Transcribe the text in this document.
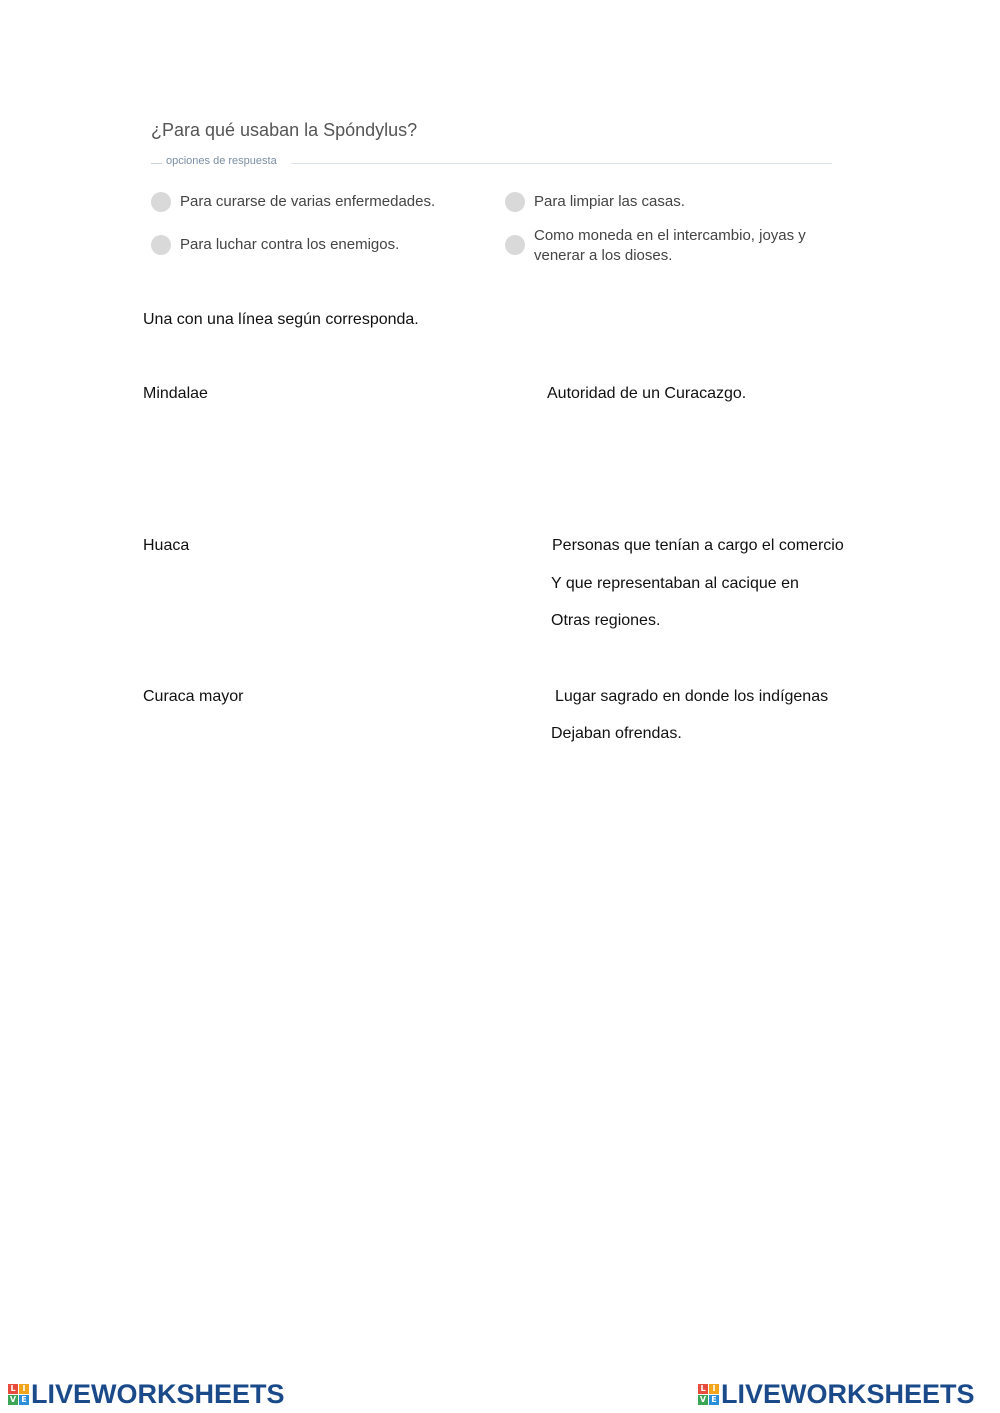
¿Para qué usaban la Spóndylus?
opciones de respuesta
Para curarse de varias enfermedades.	Para limpiar las casas.
Para luchar contra los enemigos.
Como moneda en el intercambio, joyas y venerar a los dioses.
Una con una línea según corresponda.
Mindalae
Huaca
Curaca mayor
Autoridad de un Curacazgo.
Personas que tenían a cargo el comercio
Y que representaban al cacique en
Otras regiones.
Lugar sagrado en donde los indígenas
Dejaban ofrendas.
L I
V E LIVEWORKSHEETS	L I
V E LIVEWORKSHEETS
